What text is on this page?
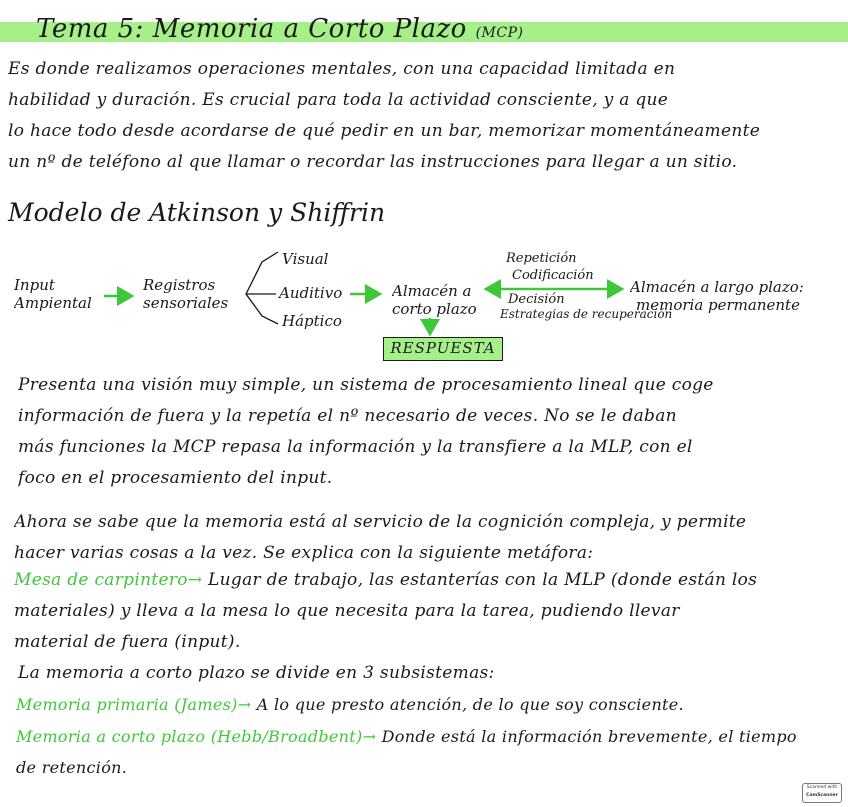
Tema 5: Memoria a Corto Plazo (MCP)
Es donde realizamos operaciones mentales, con una capacidad limitada en
habilidad y duración. Es crucial para toda la actividad consciente, y a que
lo hace todo desde acordarse de qué pedir en un bar, memorizar momentáneamente
un nº de teléfono al que llamar o recordar las instrucciones para llegar a un sitio.
Modelo de Atkinson y Shiffrin
Input
Ampiental
Registros
sensoriales
Visual
Auditivo
Háptico
Almacén a
corto plazo
Repetición
Codificación
Decisión
Estrategias de recuperación
Almacén a largo plazo:
memoria permanente
RESPUESTA
Presenta una visión muy simple, un sistema de procesamiento lineal que coge
información de fuera y la repetía el nº necesario de veces. No se le daban
más funciones la MCP repasa la información y la transfiere a la MLP, con el
foco en el procesamiento del input.
Ahora se sabe que la memoria está al servicio de la cognición compleja, y permite
hacer varias cosas a la vez. Se explica con la siguiente metáfora:
Mesa de carpintero→ Lugar de trabajo, las estanterías con la MLP (donde están los
materiales) y lleva a la mesa lo que necesita para la tarea, pudiendo llevar
material de fuera (input).
La memoria a corto plazo se divide en 3 subsistemas:
Memoria primaria (James)→ A lo que presto atención, de lo que soy consciente.
Memoria a corto plazo (Hebb/Broadbent)→ Donde está la información brevemente, el tiempo
de retención.
Scanned with
CamScanner
